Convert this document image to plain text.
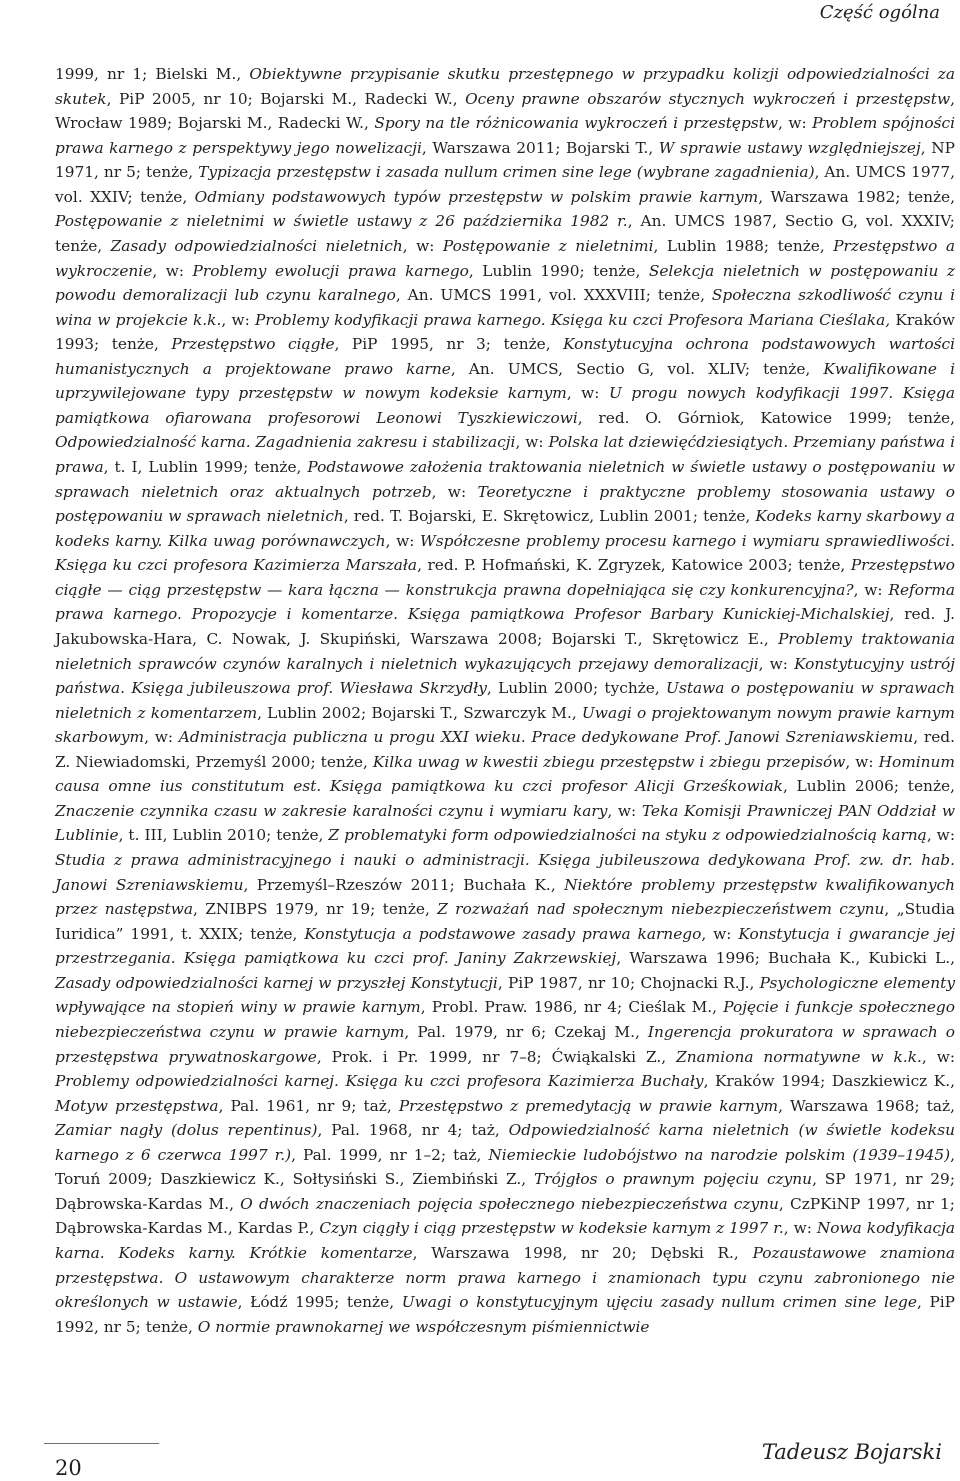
Część ogólna
1999, nr 1; Bielski M., Obiektywne przypisanie skutku przestępnego w przypadku kolizji odpowiedzialności za skutek, PiP 2005, nr 10; Bojarski M., Radecki W., Oceny prawne obszarów stycznych wykroczeń i przestępstw, Wrocław 1989; Bojarski M., Radecki W., Spory na tle różnicowania wykroczeń i przestępstw, w: Problem spójności prawa karnego z perspektywy jego nowelizacji, Warszawa 2011; Bojarski T., W sprawie ustawy względniejszej, NP 1971, nr 5; tenże, Typizacja przestępstw i zasada nullum crimen sine lege (wybrane zagadnienia), An. UMCS 1977, vol. XXIV; tenże, Odmiany podstawowych typów przestępstw w polskim prawie karnym, Warszawa 1982; tenże, Postępowanie z nieletnimi w świetle ustawy z 26 października 1982 r., An. UMCS 1987, Sectio G, vol. XXXIV; tenże, Zasady odpowiedzialności nieletnich, w: Postępowanie z nieletnimi, Lublin 1988; tenże, Przestępstwo a wykroczenie, w: Problemy ewolucji prawa karnego, Lublin 1990; tenże, Selekcja nieletnich w postępowaniu z powodu demoralizacji lub czynu karalnego, An. UMCS 1991, vol. XXXVIII; tenże, Społeczna szkodliwość czynu i wina w projekcie k.k., w: Problemy kodyfikacji prawa karnego. Księga ku czci Profesora Mariana Cieślaka, Kraków 1993; tenże, Przestępstwo ciągłe, PiP 1995, nr 3; tenże, Konstytucyjna ochrona podstawowych wartości humanistycznych a projektowane prawo karne, An. UMCS, Sectio G, vol. XLIV; tenże, Kwalifikowane i uprzywilejowane typy przestępstw w nowym kodeksie karnym, w: U progu nowych kodyfikacji 1997. Księga pamiątkowa ofiarowana profesorowi Leonowi Tyszkiewiczowi, red. O. Górniok, Katowice 1999; tenże, Odpowiedzialność karna. Zagadnienia zakresu i stabilizacji, w: Polska lat dziewięćdziesiątych. Przemiany państwa i prawa, t. I, Lublin 1999; tenże, Podstawowe założenia traktowania nieletnich w świetle ustawy o postępowaniu w sprawach nieletnich oraz aktualnych potrzeb, w: Teoretyczne i praktyczne problemy stosowania ustawy o postępowaniu w sprawach nieletnich, red. T. Bojarski, E. Skrętowicz, Lublin 2001; tenże, Kodeks karny skarbowy a kodeks karny. Kilka uwag porównawczych, w: Współczesne problemy procesu karnego i wymiaru sprawiedliwości. Księga ku czci profesora Kazimierza Marszała, red. P. Hofmański, K. Zgryzek, Katowice 2003; tenże, Przestępstwo ciągłe — ciąg przestępstw — kara łączna — konstrukcja prawna dopełniająca się czy konkurencyjna?, w: Reforma prawa karnego. Propozycje i komentarze. Księga pamiątkowa Profesor Barbary Kunickiej-Michalskiej, red. J. Jakubowska-Hara, C. Nowak, J. Skupiński, Warszawa 2008; Bojarski T., Skrętowicz E., Problemy traktowania nieletnich sprawców czynów karalnych i nieletnich wykazujących przejawy demoralizacji, w: Konstytucyjny ustrój państwa. Księga jubileuszowa prof. Wiesława Skrzydły, Lublin 2000; tychże, Ustawa o postępowaniu w sprawach nieletnich z komentarzem, Lublin 2002; Bojarski T., Szwarczyk M., Uwagi o projektowanym nowym prawie karnym skarbowym, w: Administracja publiczna u progu XXI wieku. Prace dedykowane Prof. Janowi Szreniawskiemu, red. Z. Niewiadomski, Przemyśl 2000; tenże, Kilka uwag w kwestii zbiegu przestępstw i zbiegu przepisów, w: Hominum causa omne ius constitutum est. Księga pamiątkowa ku czci profesor Alicji Grześkowiak, Lublin 2006; tenże, Znaczenie czynnika czasu w zakresie karalności czynu i wymiaru kary, w: Teka Komisji Prawniczej PAN Oddział w Lublinie, t. III, Lublin 2010; tenże, Z problematyki form odpowiedzialności na styku z odpowiedzialnością karną, w: Studia z prawa administracyjnego i nauki o administracji. Księga jubileuszowa dedykowana Prof. zw. dr. hab. Janowi Szreniawskiemu, Przemyśl–Rzeszów 2011; Buchała K., Niektóre problemy przestępstw kwalifikowanych przez następstwa, ZNIBPS 1979, nr 19; tenże, Z rozważań nad społecznym niebezpieczeństwem czynu, „Studia Iuridica” 1991, t. XXIX; tenże, Konstytucja a podstawowe zasady prawa karnego, w: Konstytucja i gwarancje jej przestrzegania. Księga pamiątkowa ku czci prof. Janiny Zakrzewskiej, Warszawa 1996; Buchała K., Kubicki L., Zasady odpowiedzialności karnej w przyszłej Konstytucji, PiP 1987, nr 10; Chojnacki R.J., Psychologiczne elementy wpływające na stopień winy w prawie karnym, Probl. Praw. 1986, nr 4; Cieślak M., Pojęcie i funkcje społecznego niebezpieczeństwa czynu w prawie karnym, Pal. 1979, nr 6; Czekaj M., Ingerencja prokuratora w sprawach o przestępstwa prywatnoskargowe, Prok. i Pr. 1999, nr 7–8; Ćwiąkalski Z., Znamiona normatywne w k.k., w: Problemy odpowiedzialności karnej. Księga ku czci profesora Kazimierza Buchały, Kraków 1994; Daszkiewicz K., Motyw przestępstwa, Pal. 1961, nr 9; taż, Przestępstwo z premedytacją w prawie karnym, Warszawa 1968; taż, Zamiar nagły (dolus repentinus), Pal. 1968, nr 4; taż, Odpowiedzialność karna nieletnich (w świetle kodeksu karnego z 6 czerwca 1997 r.), Pal. 1999, nr 1–2; taż, Niemieckie ludobójstwo na narodzie polskim (1939–1945), Toruń 2009; Daszkiewicz K., Sołtysiński S., Ziembiński Z., Trójgłos o prawnym pojęciu czynu, SP 1971, nr 29; Dąbrowska-Kardas M., O dwóch znaczeniach pojęcia społecznego niebezpieczeństwa czynu, CzPKiNP 1997, nr 1; Dąbrowska-Kardas M., Kardas P., Czyn ciągły i ciąg przestępstw w kodeksie karnym z 1997 r., w: Nowa kodyfikacja karna. Kodeks karny. Krótkie komentarze, Warszawa 1998, nr 20; Dębski R., Pozaustawowe znamiona przestępstwa. O ustawowym charakterze norm prawa karnego i znamionach typu czynu zabronionego nie określonych w ustawie, Łódź 1995; tenże, Uwagi o konstytucyjnym ujęciu zasady nullum crimen sine lege, PiP 1992, nr 5; tenże, O normie prawnokarnej we współczesnym piśmiennictwie
20
Tadeusz Bojarski
